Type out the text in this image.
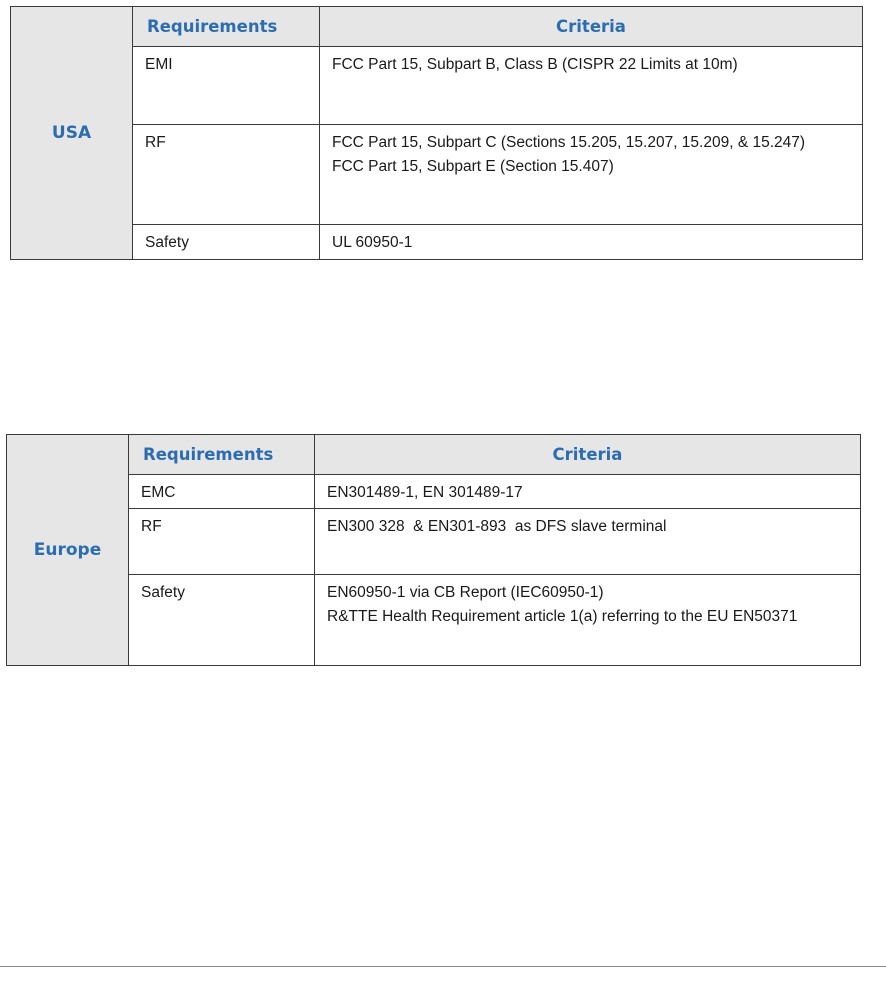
USA	Requirements	Criteria
	EMI	FCC Part 15, Subpart B, Class B (CISPR 22 Limits at 10m)

	RF	FCC Part 15, Subpart C (Sections 15.205, 15.207, 15.209, & 15.247)
FCC Part 15, Subpart E (Section 15.407)

	Safety	UL 60950-1
Europe	Requirements	Criteria
	EMC	EN301489-1, EN 301489-17

	RF	EN300 328  & EN301-893  as DFS slave terminal

	Safety	EN60950-1 via CB Report (IEC60950-1)
R&TTE Health Requirement article 1(a) referring to the EU EN50371
